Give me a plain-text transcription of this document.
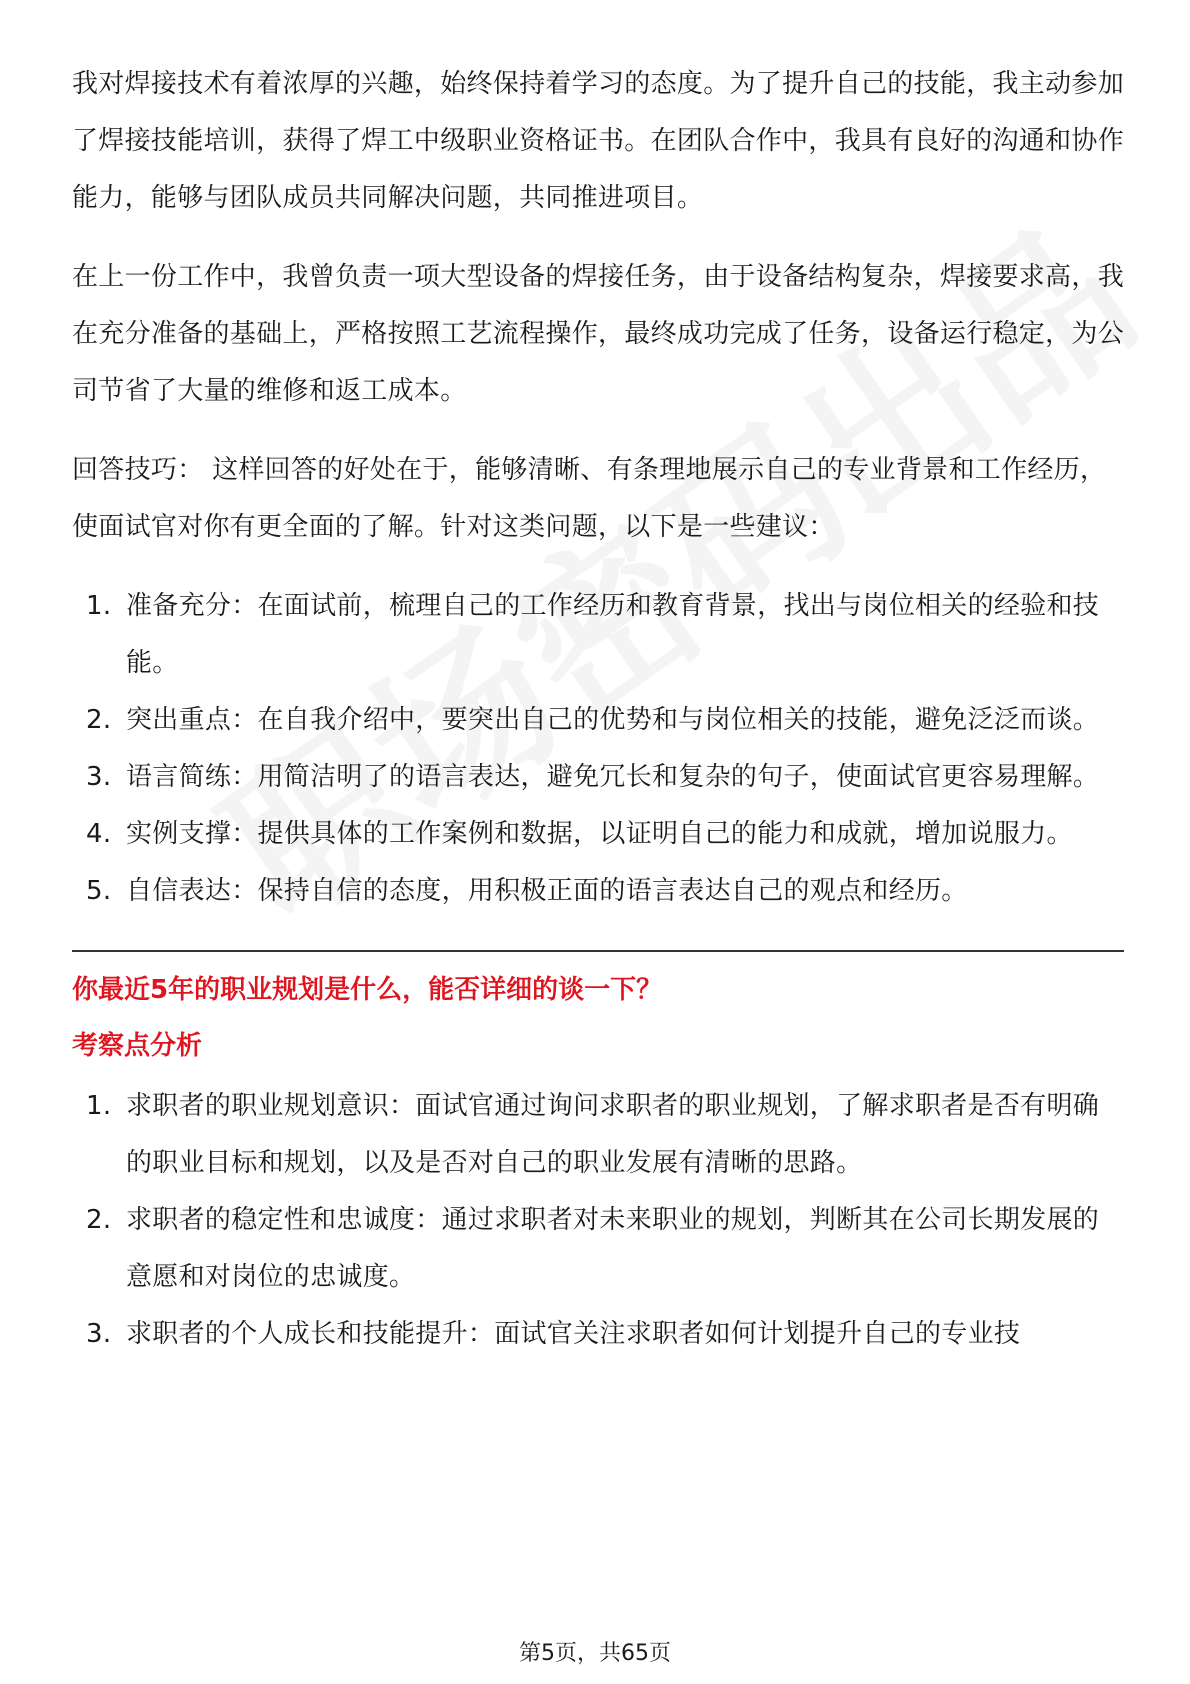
我对焊接技术有着浓厚的兴趣，始终保持着学习的态度。为了提升自己的技能，我主动参加了焊接技能培训，获得了焊工中级职业资格证书。在团队合作中，我具有良好的沟通和协作能力，能够与团队成员共同解决问题，共同推进项目。

在上一份工作中，我曾负责一项大型设备的焊接任务，由于设备结构复杂，焊接要求高，我在充分准备的基础上，严格按照工艺流程操作，最终成功完成了任务，设备运行稳定，为公司节省了大量的维修和返工成本。

回答技巧： 这样回答的好处在于，能够清晰、有条理地展示自己的专业背景和工作经历，使面试官对你有更全面的了解。针对这类问题，以下是一些建议：

1. 准备充分：在面试前，梳理自己的工作经历和教育背景，找出与岗位相关的经验和技能。
2. 突出重点：在自我介绍中，要突出自己的优势和与岗位相关的技能，避免泛泛而谈。
3. 语言简练：用简洁明了的语言表达，避免冗长和复杂的句子，使面试官更容易理解。
4. 实例支撑：提供具体的工作案例和数据，以证明自己的能力和成就，增加说服力。
5. 自信表达：保持自信的态度，用积极正面的语言表达自己的观点和经历。
你最近5年的职业规划是什么，能否详细的谈一下？
考察点分析
1. 求职者的职业规划意识：面试官通过询问求职者的职业规划，了解求职者是否有明确的职业目标和规划，以及是否对自己的职业发展有清晰的思路。
2. 求职者的稳定性和忠诚度：通过求职者对未来职业的规划，判断其在公司长期发展的意愿和对岗位的忠诚度。
3. 求职者的个人成长和技能提升：面试官关注求职者如何计划提升自己的专业技
第5页，共65页
